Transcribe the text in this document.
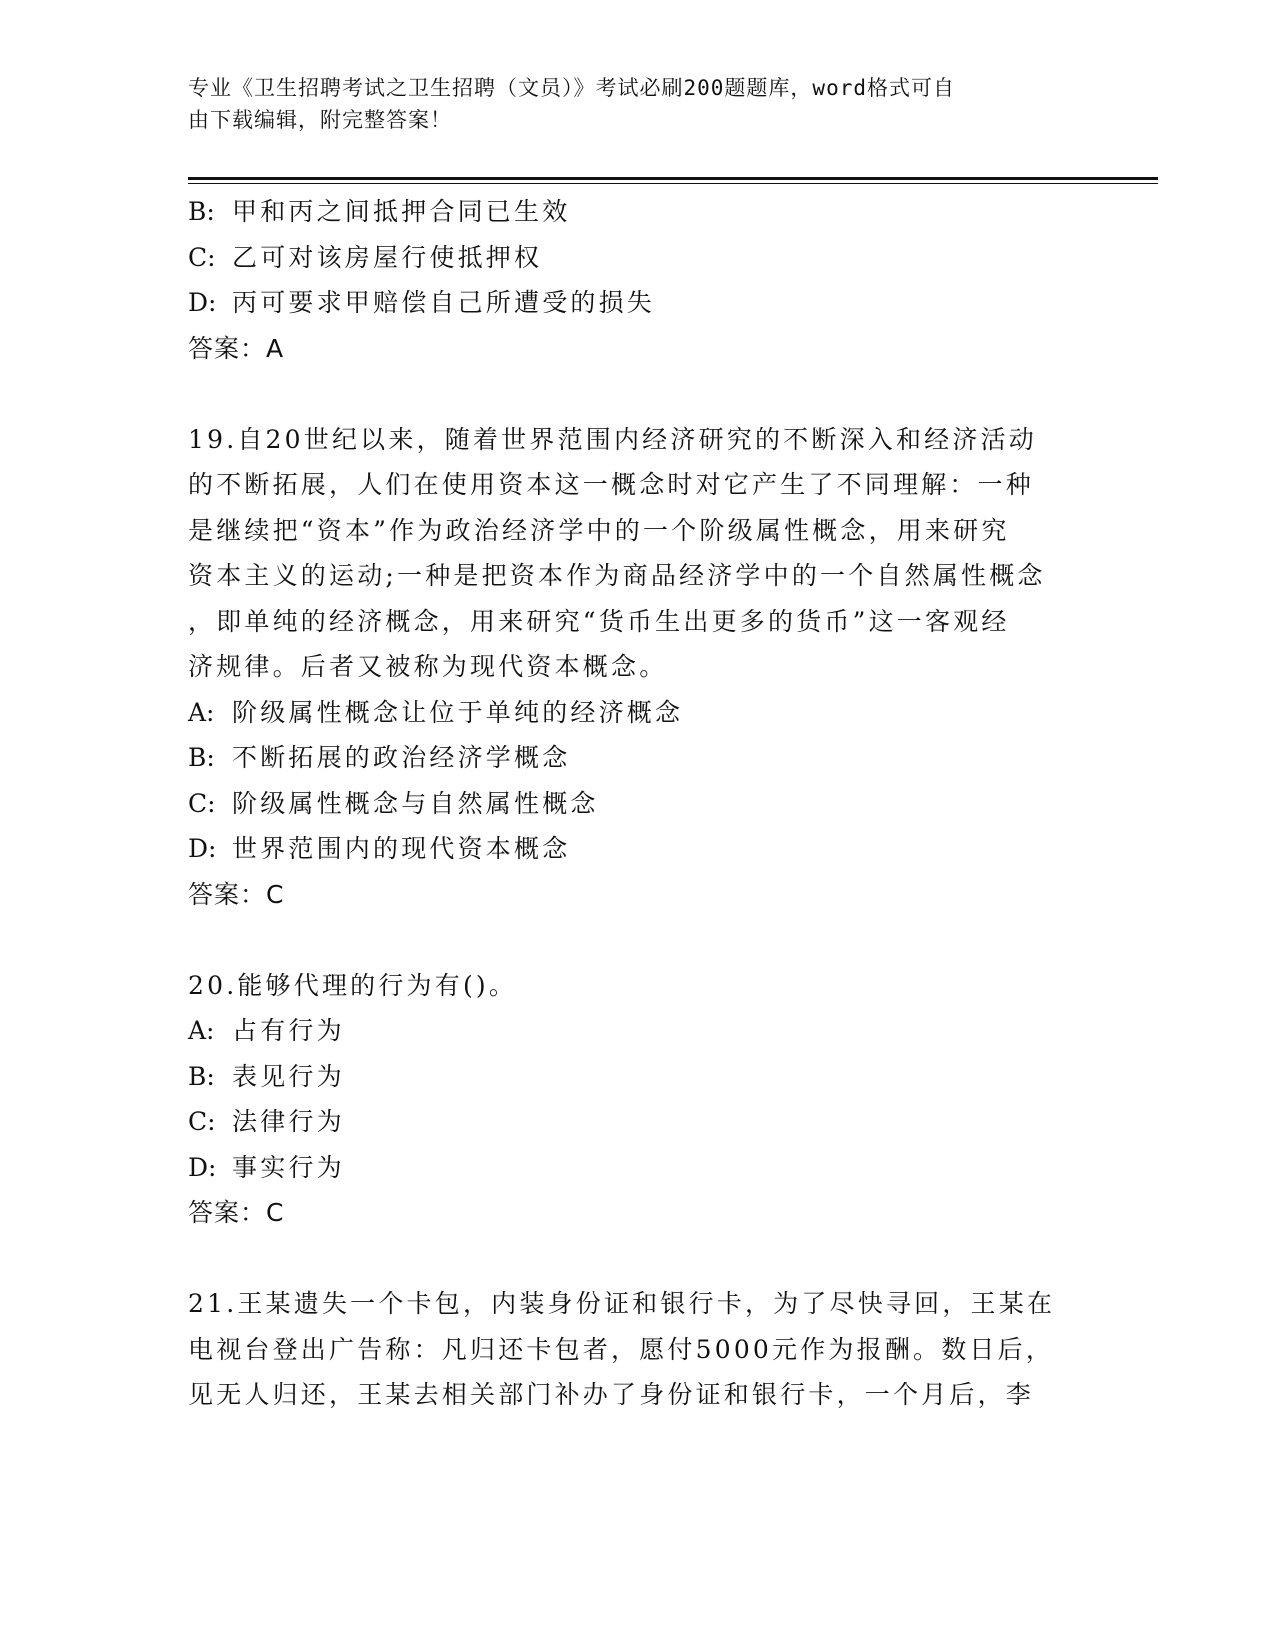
专业《卫生招聘考试之卫生招聘（文员）》考试必刷200题题库，word格式可自
由下载编辑，附完整答案！
B: 甲和丙之间抵押合同已生效
C: 乙可对该房屋行使抵押权
D: 丙可要求甲赔偿自己所遭受的损失
答案：A
19.自20世纪以来，随着世界范围内经济研究的不断深入和经济活动
的不断拓展，人们在使用资本这一概念时对它产生了不同理解：一种
是继续把“资本”作为政治经济学中的一个阶级属性概念，用来研究
资本主义的运动;一种是把资本作为商品经济学中的一个自然属性概念
，即单纯的经济概念，用来研究“货币生出更多的货币”这一客观经
济规律。后者又被称为现代资本概念。
A: 阶级属性概念让位于单纯的经济概念
B: 不断拓展的政治经济学概念
C: 阶级属性概念与自然属性概念
D: 世界范围内的现代资本概念
答案：C
20.能够代理的行为有()。
A: 占有行为
B: 表见行为
C: 法律行为
D: 事实行为
答案：C
21.王某遗失一个卡包，内装身份证和银行卡，为了尽快寻回，王某在
电视台登出广告称：凡归还卡包者，愿付5000元作为报酬。数日后，
见无人归还，王某去相关部门补办了身份证和银行卡，一个月后，李
